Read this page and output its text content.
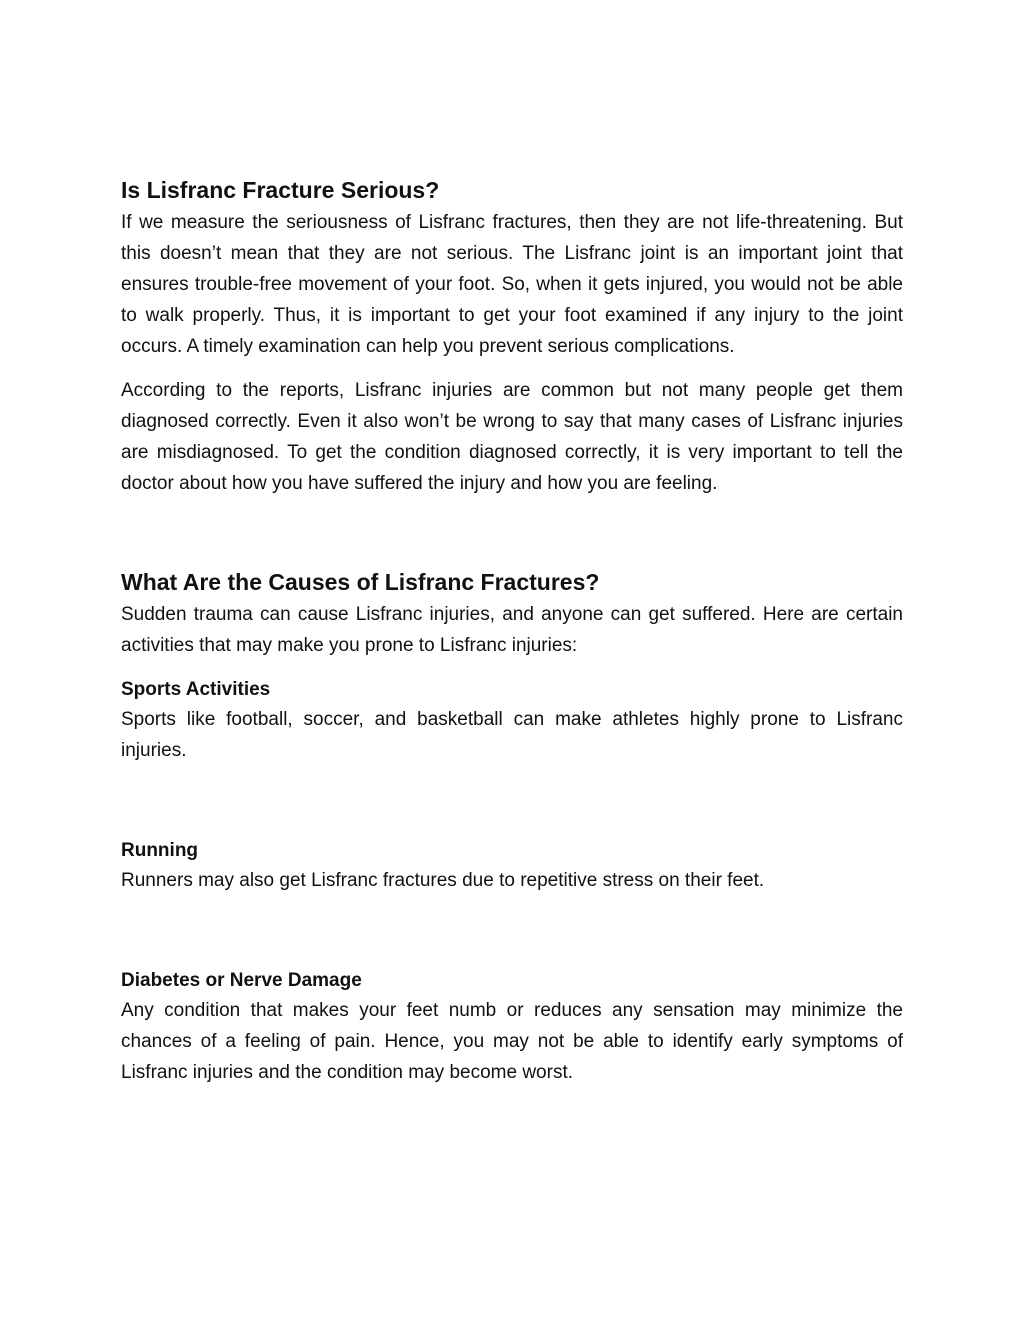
Is Lisfranc Fracture Serious?

If we measure the seriousness of Lisfranc fractures, then they are not life-threatening. But this doesn’t mean that they are not serious. The Lisfranc joint is an important joint that ensures trouble-free movement of your foot. So, when it gets injured, you would not be able to walk properly. Thus, it is important to get your foot examined if any injury to the joint occurs. A timely examination can help you prevent serious complications.

According to the reports, Lisfranc injuries are common but not many people get them diagnosed correctly. Even it also won’t be wrong to say that many cases of Lisfranc injuries are misdiagnosed. To get the condition diagnosed correctly, it is very important to tell the doctor about how you have suffered the injury and how you are feeling.

What Are the Causes of Lisfranc Fractures?

Sudden trauma can cause Lisfranc injuries, and anyone can get suffered. Here are certain activities that may make you prone to Lisfranc injuries:

Sports Activities

Sports like football, soccer, and basketball can make athletes highly prone to Lisfranc injuries.

Running

Runners may also get Lisfranc fractures due to repetitive stress on their feet.

Diabetes or Nerve Damage

Any condition that makes your feet numb or reduces any sensation may minimize the chances of a feeling of pain. Hence, you may not be able to identify early symptoms of Lisfranc injuries and the condition may become worst.
